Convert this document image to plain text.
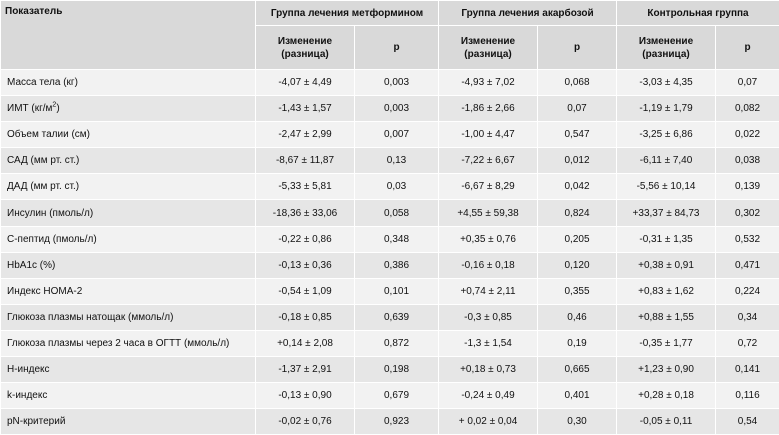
Показатель	Группа лечения метформином		Группа лечения акарбозой		Контрольная группа	
	Изменение (разница)	p	Изменение (разница)	p	Изменение (разница)	p
Масса тела (кг)	-4,07 ± 4,49	0,003	-4,93 ± 7,02	0,068	-3,03 ± 4,35	0,07
ИМТ $(кг/м^2)$	-1,43 ± 1,57	0,003	-1,86 ± 2,66	0,07	-1,19 ± 1,79	0,082
Объем талии (см)	-2,47 ± 2,99	0,007	-1,00 ± 4,47	0,547	-3,25 ± 6,86	0,022
САД (мм рт. ст.)	-8,67 ± 11,87	0,13	-7,22 ± 6,67	0,012	-6,11 ± 7,40	0,038
ДАД (мм рт. ст.)	-5,33 ± 5,81	0,03	-6,67 ± 8,29	0,042	-5,56 ± 10,14	0,139
Инсулин (пмоль/л)	-18,36 ± 33,06	0,058	+4,55 ± 59,38	0,824	+33,37 ± 84,73	0,302
С-пептид (пмоль/л)	-0,22 ± 0,86	0,348	+0,35 ± 0,76	0,205	-0,31 ± 1,35	0,532
HbA1c (%)	-0,13 ± 0,36	0,386	-0,16 ± 0,18	0,120	+0,38 ± 0,91	0,471
Индекс HOMA-2	-0,54 ± 1,09	0,101	+0,74 ± 2,11	0,355	+0,83 ± 1,62	0,224
Глюкоза плазмы натощак (ммоль/л)	-0,18 ± 0,85	0,639	-0,3 ± 0,85	0,46	+0,88 ± 1,55	0,34
Глюкоза плазмы через 2 часа в ОГТТ (ммоль/л)	+0,14 ± 2,08	0,872	-1,3 ± 1,54	0,19	-0,35 ± 1,77	0,72
H-индекс	-1,37 ± 2,91	0,198	+0,18 ± 0,73	0,665	+1,23 ± 0,90	0,141
k-индекс	-0,13 ± 0,90	0,679	-0,24 ± 0,49	0,401	+0,28 ± 0,18	0,116
pN-критерий	-0,02 ± 0,76	0,923	+ 0,02 ± 0,04	0,30	-0,05 ± 0,11	0,54
